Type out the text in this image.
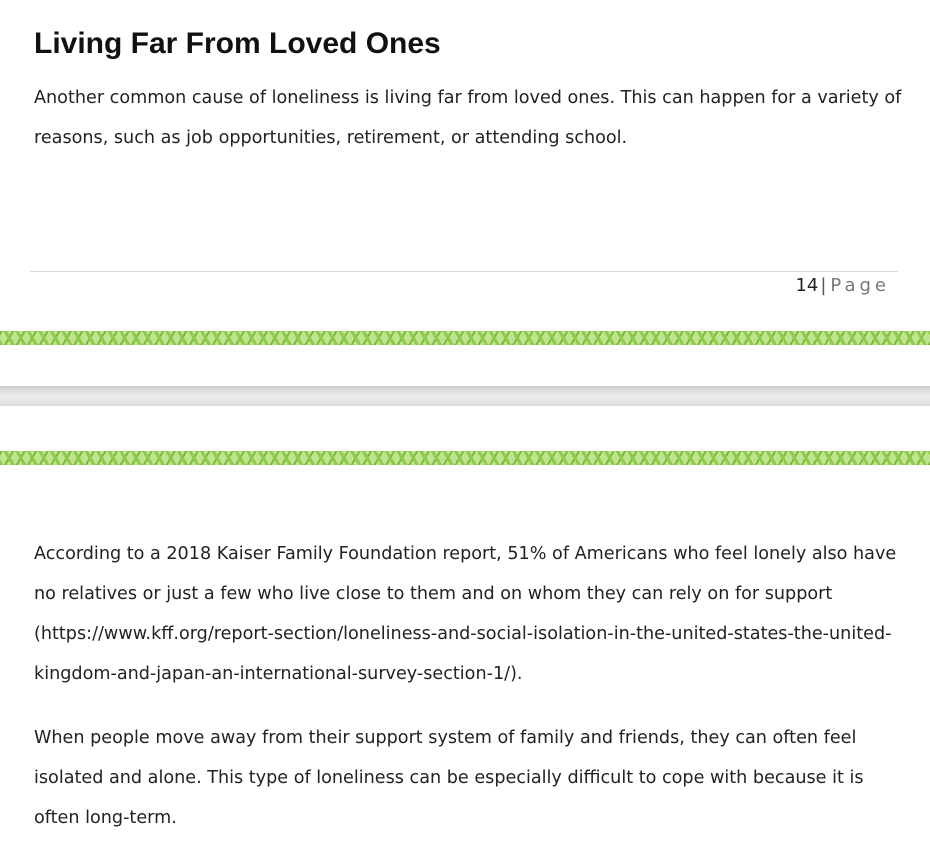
Living Far From Loved Ones

Another common cause of loneliness is living far from loved ones. This can happen for a variety of reasons, such as job opportunities, retirement, or attending school.

14 | Page

According to a 2018 Kaiser Family Foundation report, 51% of Americans who feel lonely also have no relatives or just a few who live close to them and on whom they can rely on for support (https://www.kff.org/report-section/loneliness-and-social-isolation-in-the-united-states-the-united-kingdom-and-japan-an-international-survey-section-1/).

When people move away from their support system of family and friends, they can often feel isolated and alone. This type of loneliness can be especially difficult to cope with because it is often long-term.
